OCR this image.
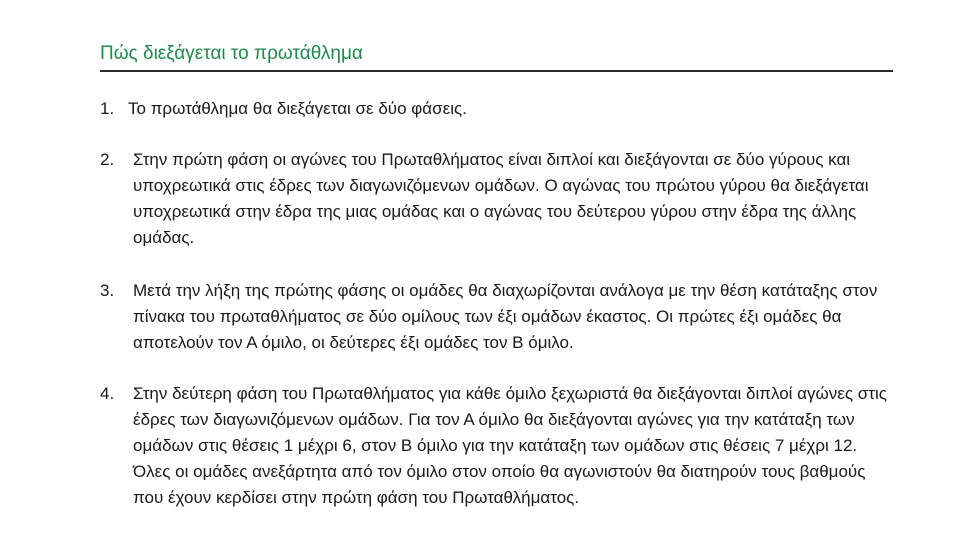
Πώς διεξάγεται το πρωτάθλημα
1. Το πρωτάθλημα θα διεξάγεται σε δύο φάσεις.
2.	Στην πρώτη φάση οι αγώνες του Πρωταθλήματος είναι διπλοί και διεξάγονται σε δύο γύρους και υποχρεωτικά στις έδρες των διαγωνιζόμενων ομάδων. Ο αγώνας του πρώτου γύρου θα διεξάγεται υποχρεωτικά στην έδρα της μιας ομάδας και ο αγώνας του δεύτερου γύρου στην έδρα της άλλης ομάδας.
3.	Μετά την λήξη της πρώτης φάσης οι ομάδες θα διαχωρίζονται ανάλογα με την θέση κατάταξης στον πίνακα του πρωταθλήματος σε δύο ομίλους των έξι ομάδων έκαστος. Οι πρώτες έξι ομάδες θα αποτελούν τον Α όμιλο, οι δεύτερες έξι ομάδες τον Β όμιλο.
4.	Στην δεύτερη φάση του Πρωταθλήματος για κάθε όμιλο ξεχωριστά θα διεξάγονται διπλοί αγώνες στις έδρες των διαγωνιζόμενων ομάδων. Για τον Α όμιλο θα διεξάγονται αγώνες για την κατάταξη των ομάδων στις θέσεις 1 μέχρι 6, στον Β όμιλο για την κατάταξη των ομάδων στις θέσεις 7 μέχρι 12. Όλες οι ομάδες ανεξάρτητα από τον όμιλο στον οποίο θα αγωνιστούν θα διατηρούν τους βαθμούς που έχουν κερδίσει στην πρώτη φάση του Πρωταθλήματος.
